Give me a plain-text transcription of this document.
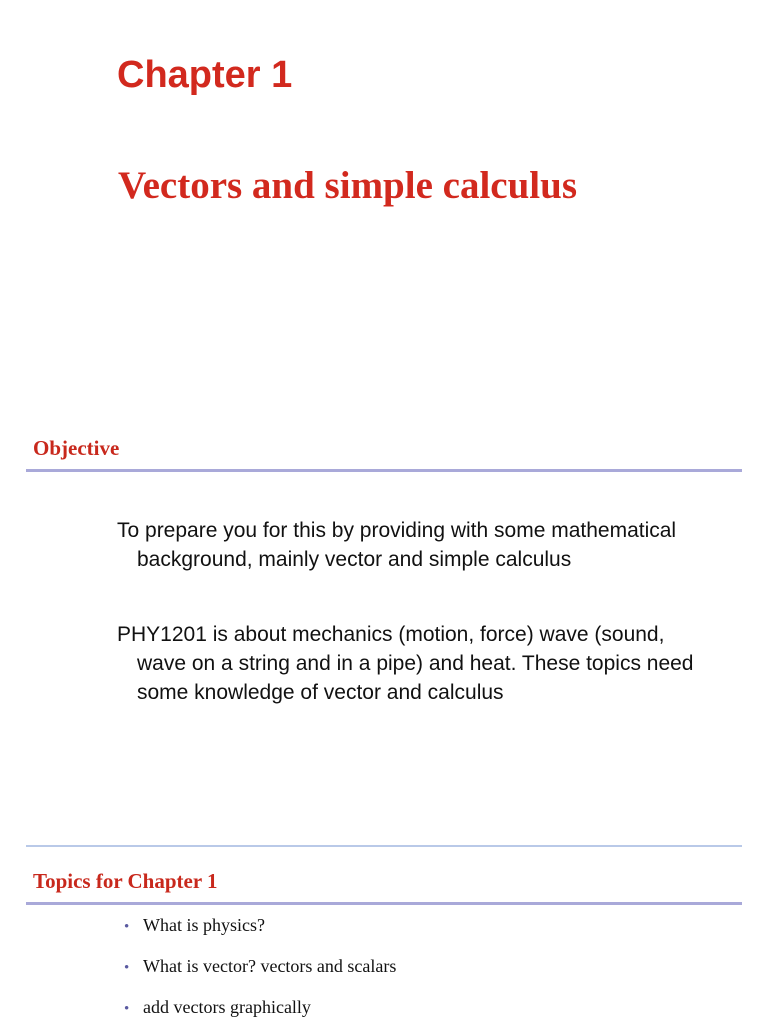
Chapter 1
Vectors and simple calculus
Objective

To prepare you for this by providing with some mathematical background, mainly vector and simple calculus

PHY1201 is about mechanics (motion, force) wave (sound, wave on a string and in a pipe) and heat. These topics need some knowledge of vector and calculus

Topics for Chapter 1
• What is physics?
• What is vector? vectors and scalars
• add vectors graphically
